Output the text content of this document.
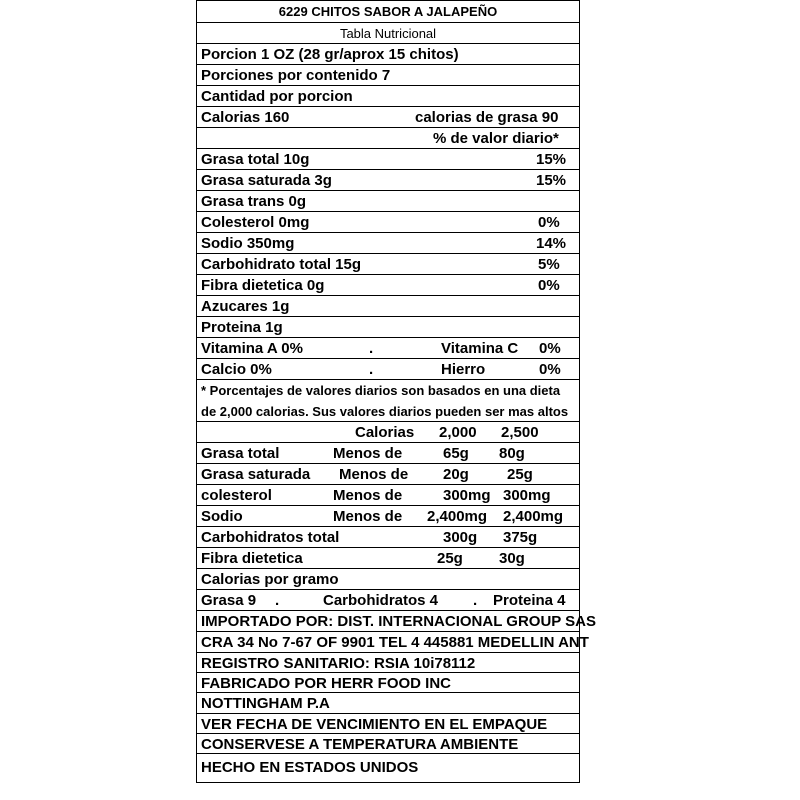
6229 CHITOS SABOR A JALAPEÑO
Tabla Nutricional
Porcion 1 OZ (28 gr/aprox 15 chitos)
Porciones por contenido 7
Cantidad por porcion
Calorias 160	calorias de grasa 90
% de valor diario*
Grasa total 10g	15%
Grasa saturada 3g	15%
Grasa trans 0g
Colesterol 0mg	0%
Sodio 350mg	14%
Carbohidrato total 15g	5%
Fibra dietetica 0g	0%
Azucares 1g
Proteina 1g
Vitamina A 0%	.	Vitamina C 0%
Calcio 0%	.	Hierro	0%
* Porcentajes de valores diarios son basados en una dieta
de 2,000 calorias. Sus valores diarios pueden ser mas altos
Calorias 2,000 2,500
Grasa total	Menos de	65g 80g
Grasa saturada Menos de 20g	25g
colesterol	Menos de	300mg 300mg
Sodio	Menos de 2,400mg 2,400mg
Carbohidratos total	300g 375g
Fibra dietetica	25g 30g
Calorias por gramo
Grasa 9 .	Carbohidratos 4 . Proteina 4
IMPORTADO POR: DIST. INTERNACIONAL GROUP SAS
CRA 34 No 7-67 OF 9901 TEL 4 445881 MEDELLIN ANT
REGISTRO SANITARIO: RSIA 10i78112
FABRICADO POR HERR FOOD INC
NOTTINGHAM P.A
VER FECHA DE VENCIMIENTO EN EL EMPAQUE
CONSERVESE A TEMPERATURA AMBIENTE
HECHO EN ESTADOS UNIDOS
